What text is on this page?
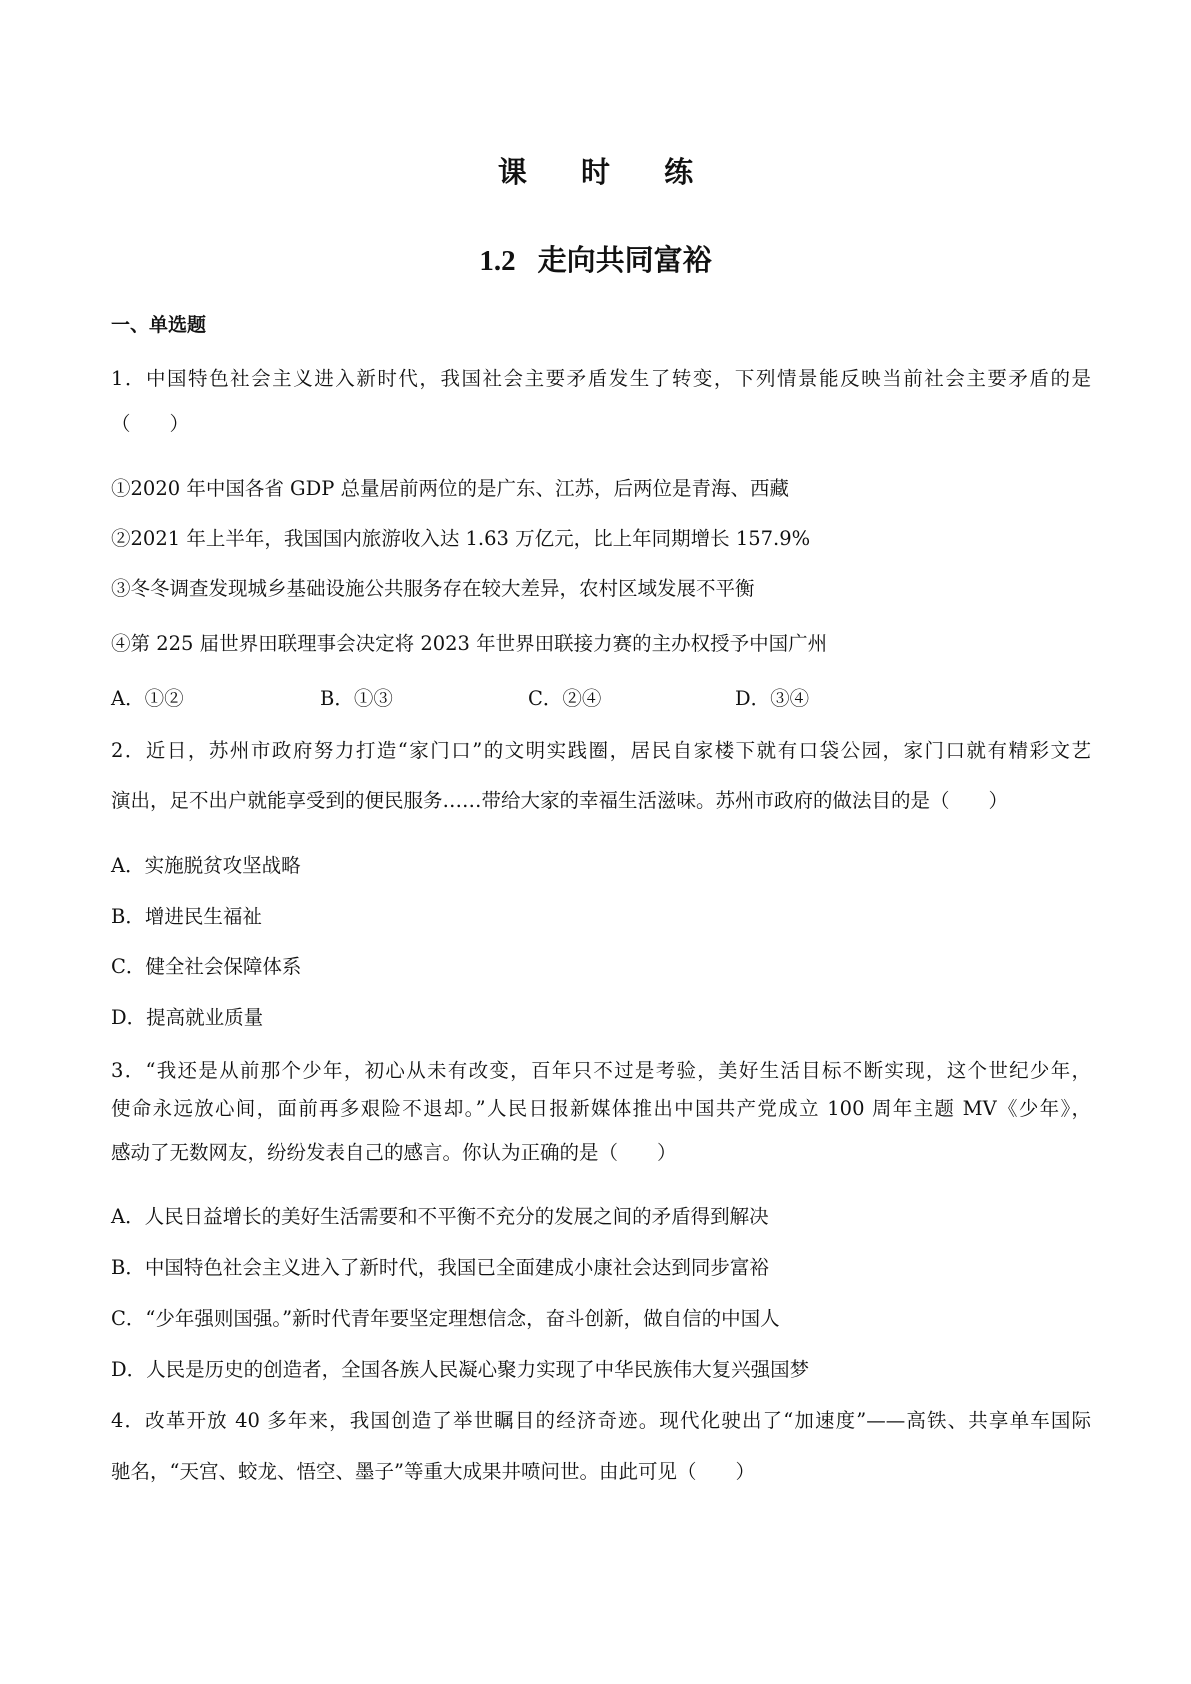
课 时 练
1.2 走向共同富裕
一、单选题
1．中国特色社会主义进入新时代，我国社会主要矛盾发生了转变，下列情景能反映当前社会主要矛盾的是
（　　）
①2020 年中国各省 GDP 总量居前两位的是广东、江苏，后两位是青海、西藏
②2021 年上半年，我国国内旅游收入达 1.63 万亿元，比上年同期增长 157.9%
③冬冬调查发现城乡基础设施公共服务存在较大差异，农村区域发展不平衡
④第 225 届世界田联理事会决定将 2023 年世界田联接力赛的主办权授予中国广州
A．①②	B．①③	C．②④	D．③④
2．近日，苏州市政府努力打造“家门口”的文明实践圈，居民自家楼下就有口袋公园，家门口就有精彩文艺
演出，足不出户就能享受到的便民服务……带给大家的幸福生活滋味。苏州市政府的做法目的是（　　）
A．实施脱贫攻坚战略
B．增进民生福祉
C．健全社会保障体系
D．提高就业质量
3．“我还是从前那个少年，初心从未有改变，百年只不过是考验，美好生活目标不断实现，这个世纪少年，
使命永远放心间，面前再多艰险不退却。”人民日报新媒体推出中国共产党成立 100 周年主题 MV《少年》，
感动了无数网友，纷纷发表自己的感言。你认为正确的是（　　）
A．人民日益增长的美好生活需要和不平衡不充分的发展之间的矛盾得到解决
B．中国特色社会主义进入了新时代，我国已全面建成小康社会达到同步富裕
C．“少年强则国强。”新时代青年要坚定理想信念，奋斗创新，做自信的中国人
D．人民是历史的创造者，全国各族人民凝心聚力实现了中华民族伟大复兴强国梦
4．改革开放 40 多年来，我国创造了举世瞩目的经济奇迹。现代化驶出了“加速度”——高铁、共享单车国际
驰名，“天宫、蛟龙、悟空、墨子”等重大成果井喷问世。由此可见（　　）
